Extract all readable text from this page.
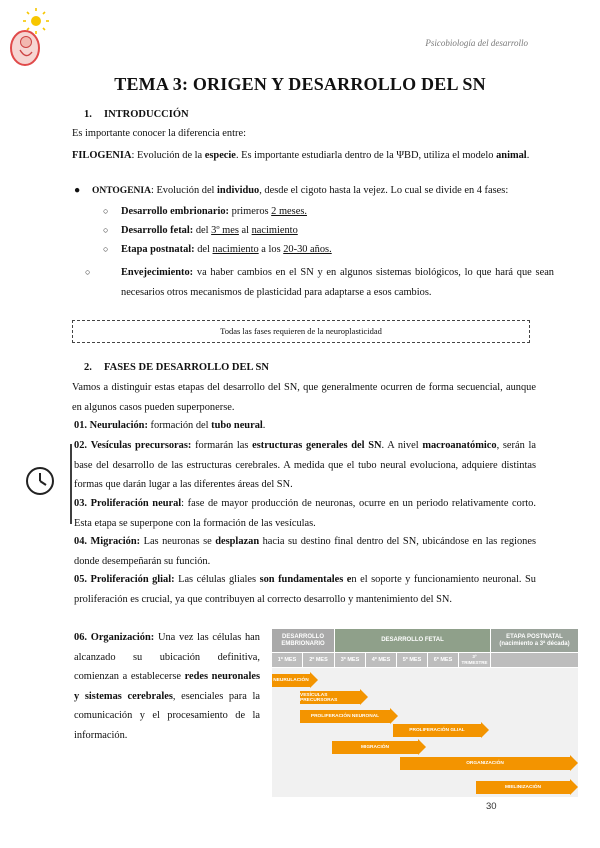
Psicobiología del desarrollo
TEMA 3: ORIGEN Y DESARROLLO DEL SN
1. INTRODUCCIÓN

Es importante conocer la diferencia entre:

FILOGENIA: Evolución de la especie. Es importante estudiarla dentro de la ΨBD, utiliza el modelo animal.

● ONTOGENIA: Evolución del individuo, desde el cigoto hasta la vejez. Lo cual se divide en 4 fases:

○ Desarrollo embrionario: primeros 2 meses.

○ Desarrollo fetal: del 3º mes al nacimiento

○ Etapa postnatal: del nacimiento a los 20-30 años.

○	Envejecimiento: va haber cambios en el SN y en algunos sistemas biológicos, lo que hará que sean necesarios otros mecanismos de plasticidad para adaptarse a esos cambios.

Todas las fases requieren de la neuroplasticidad
2. FASES DE DESARROLLO DEL SN

Vamos a distinguir estas etapas del desarrollo del SN, que generalmente ocurren de forma secuencial, aunque en algunos casos pueden superponerse.

01. Neurulación: formación del tubo neural.

02. Vesículas precursoras: formarán las estructuras generales del SN. A nivel macroanatómico, serán la base del desarrollo de las estructuras cerebrales. A medida que el tubo neural evoluciona, adquiere distintas formas que darán lugar a las diferentes áreas del SN.

03. Proliferación neural: fase de mayor producción de neuronas, ocurre en un periodo relativamente corto. Esta etapa se superpone con la formación de las vesículas.

04. Migración: Las neuronas se desplazan hacia su destino final dentro del SN, ubicándose en las regiones donde desempeñarán su función.

05. Proliferación glial: Las células gliales son fundamentales en el soporte y funcionamiento neuronal. Su proliferación es crucial, ya que contribuyen al correcto desarrollo y mantenimiento del SN.

06. Organización: Una vez las células han alcanzado su ubicación definitiva, comienzan a establecerse redes neuronales y sistemas cerebrales, esenciales para la comunicación y el procesamiento de la información.

DESARROLLO EMBRIONARIO
DESARROLLO FETAL
ETAPA POSTNATAL (nacimiento a 3ª década)
1º MES	2º MES	3º MES	4º MES	5º MES	6º MES
3º TRIMESTRE
NEURULACIÓN
VESÍCULAS PRECURSORAS
PROLIFERACIÓN NEURONAL
PROLIFERACIÓN GLIAL
MIGRACIÓN
ORGANIZACIÓN
MIELINIZACIÓN
30
